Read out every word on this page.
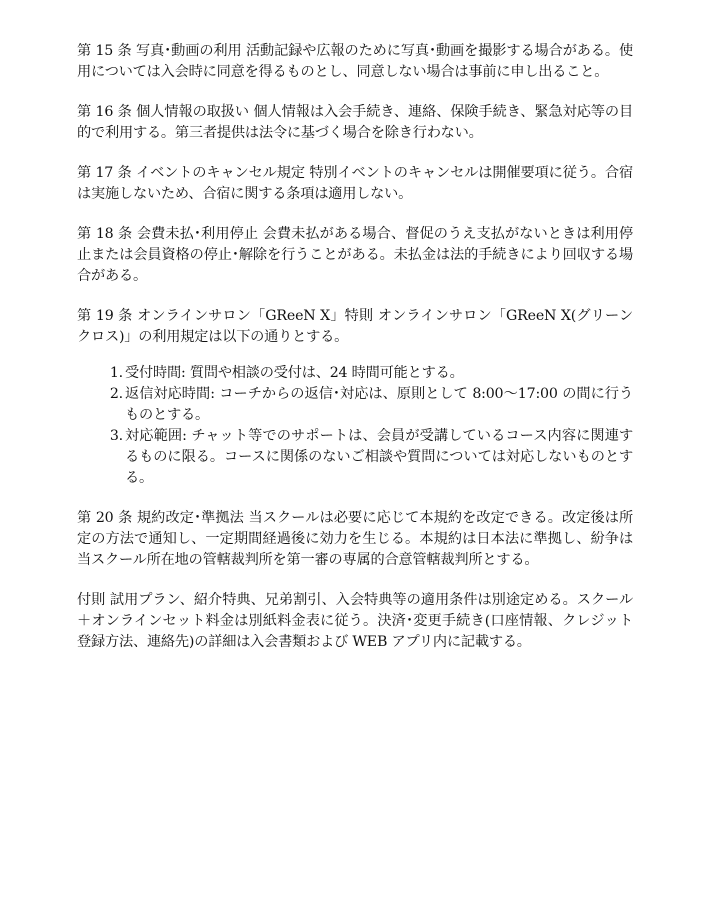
第 15 条 写真･動画の利用 活動記録や広報のために写真･動画を撮影する場合がある。使用については入会時に同意を得るものとし、同意しない場合は事前に申し出ること。

第 16 条 個人情報の取扱い 個人情報は入会手続き、連絡、保険手続き、緊急対応等の目的で利用する。第三者提供は法令に基づく場合を除き行わない。

第 17 条 イベントのキャンセル規定 特別イベントのキャンセルは開催要項に従う。合宿は実施しないため、合宿に関する条項は適用しない。

第 18 条 会費未払･利用停止 会費未払がある場合、督促のうえ支払がないときは利用停止または会員資格の停止･解除を行うことがある。未払金は法的手続きにより回収する場合がある。

第 19 条 オンラインサロン「GReeN X」特則 オンラインサロン「GReeN X(グリーンクロス)」の利用規定は以下の通りとする。

1. 受付時間: 質問や相談の受付は、24 時間可能とする。
2. 返信対応時間: コーチからの返信･対応は、原則として 8:00～17:00 の間に行うものとする。
3. 対応範囲: チャット等でのサポートは、会員が受講しているコース内容に関連するものに限る。コースに関係のないご相談や質問については対応しないものとする。

第 20 条 規約改定･準拠法 当スクールは必要に応じて本規約を改定できる。改定後は所定の方法で通知し、一定期間経過後に効力を生じる。本規約は日本法に準拠し、紛争は当スクール所在地の管轄裁判所を第一審の専属的合意管轄裁判所とする。

付則 試用プラン、紹介特典、兄弟割引、入会特典等の適用条件は別途定める。スクール＋オンラインセット料金は別紙料金表に従う。決済･変更手続き(口座情報、クレジット登録方法、連絡先)の詳細は入会書類および WEB アプリ内に記載する。
